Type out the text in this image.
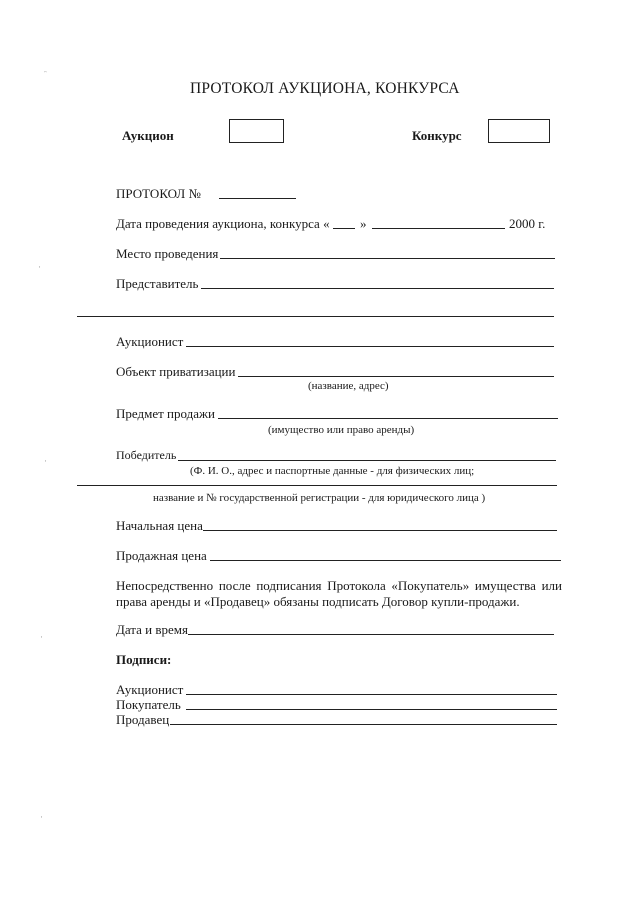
ᵔ
·
·
·
·
ПРОТОКОЛ АУКЦИОНА, КОНКУРСА
Аукцион	Конкурс
ПРОТОКОЛ №
Дата проведения аукциона, конкурса « »	2000 г.
Место проведения
Представитель
Аукционист
Объект приватизации
(название, адрес)
Предмет продажи
(имущество или право аренды)
Победитель
(Ф. И. О., адрес и паспортные данные - для физических лиц;
название и № государственной регистрации - для юридического лица )
Начальная цена
Продажная цена
Непосредственно после подписания Протокола «Покупатель» имущества или права аренды и «Продавец» обязаны подписать Договор купли-продажи.
Дата и время
Подписи:
Аукционист
Покупатель
Продавец
